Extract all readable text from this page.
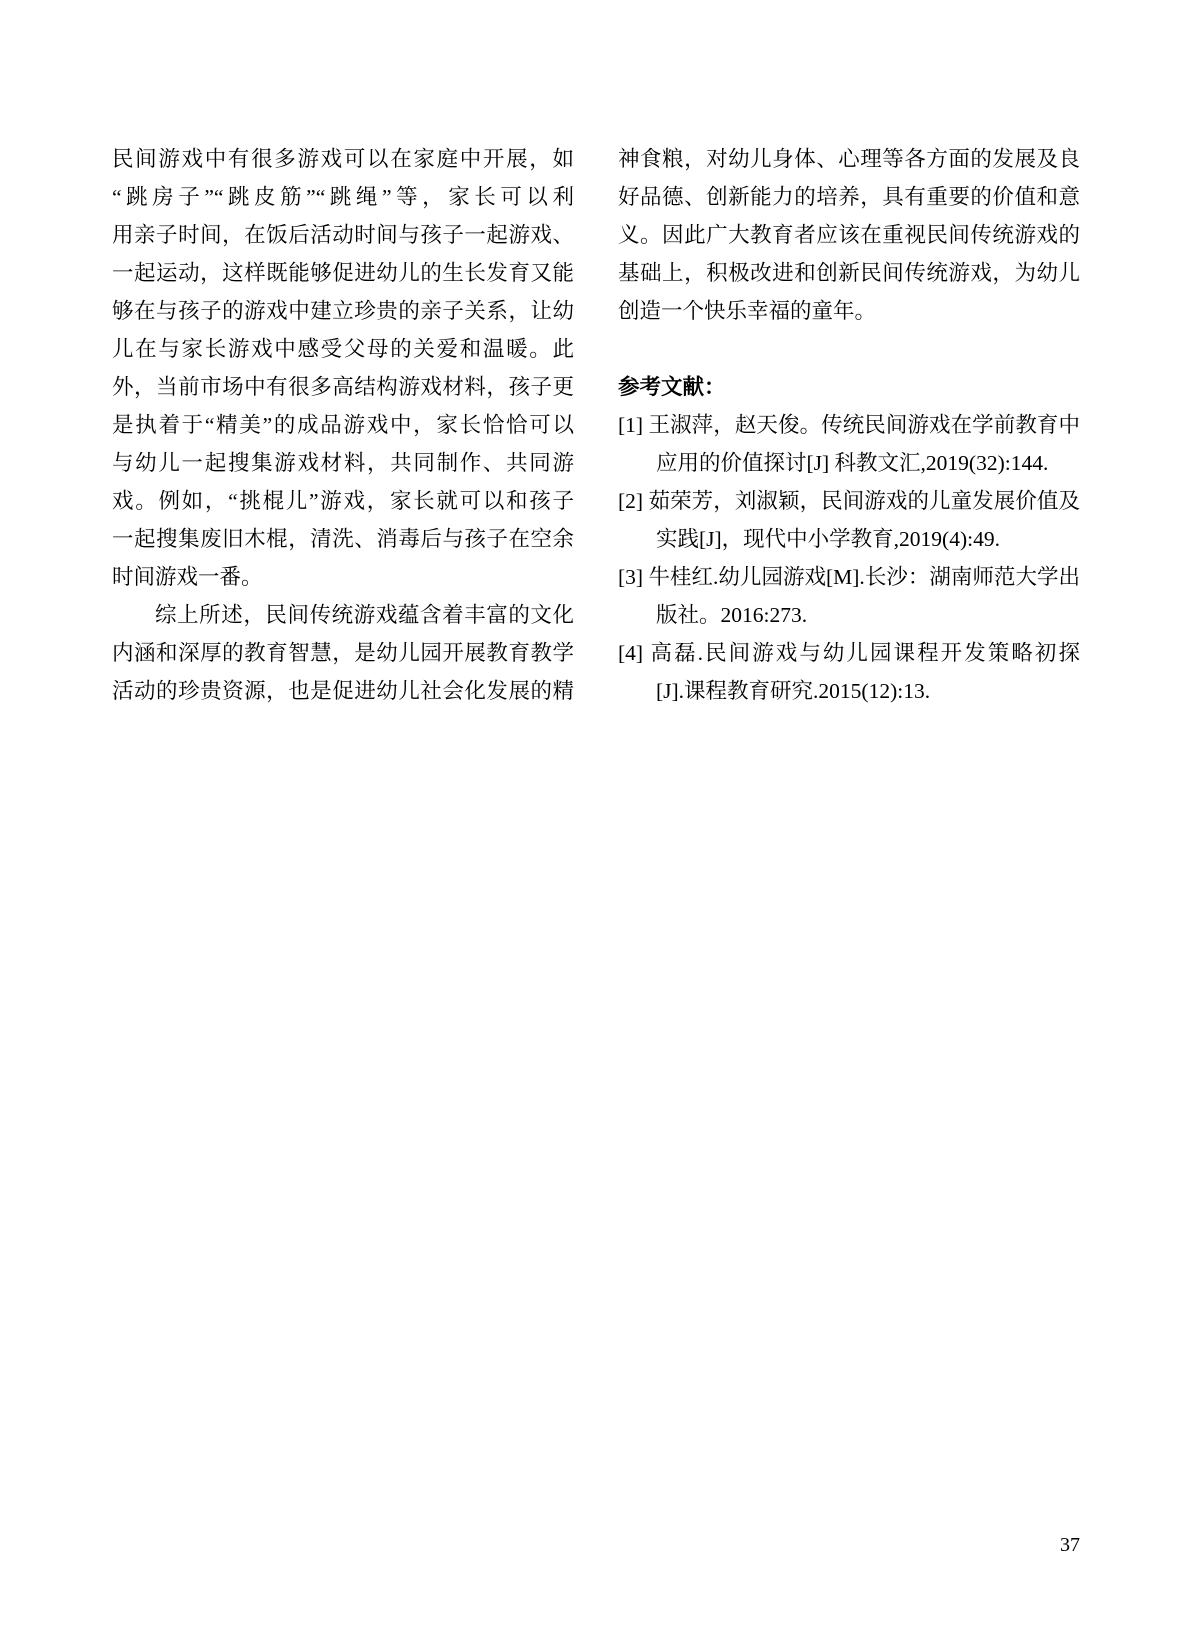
民间游戏中有很多游戏可以在家庭中开展，如
“跳房子”“跳皮筋”“跳绳”等，家长可以利
用亲子时间，在饭后活动时间与孩子一起游戏、
一起运动，这样既能够促进幼儿的生长发育又能
够在与孩子的游戏中建立珍贵的亲子关系，让幼
儿在与家长游戏中感受父母的关爱和温暖。此
外，当前市场中有很多高结构游戏材料，孩子更
是执着于“精美”的成品游戏中，家长恰恰可以
与幼儿一起搜集游戏材料，共同制作、共同游
戏。例如，“挑棍儿”游戏，家长就可以和孩子
一起搜集废旧木棍，清洗、消毒后与孩子在空余
时间游戏一番。
综上所述，民间传统游戏蕴含着丰富的文化
内涵和深厚的教育智慧，是幼儿园开展教育教学
活动的珍贵资源，也是促进幼儿社会化发展的精
神食粮，对幼儿身体、心理等各方面的发展及良
好品德、创新能力的培养，具有重要的价值和意
义。因此广大教育者应该在重视民间传统游戏的
基础上，积极改进和创新民间传统游戏，为幼儿
创造一个快乐幸福的童年。
参考文献：
[1] 王淑萍，赵天俊。传统民间游戏在学前教育中
应用的价值探讨[J] 科教文汇,2019(32):144.
[2] 茹荣芳，刘淑颖，民间游戏的儿童发展价值及
实践[J]，现代中小学教育,2019(4):49.
[3] 牛桂红.幼儿园游戏[M].长沙：湖南师范大学出
版社。2016:273.
[4] 高磊.民间游戏与幼儿园课程开发策略初探
[J].课程教育研究.2015(12):13.
37
